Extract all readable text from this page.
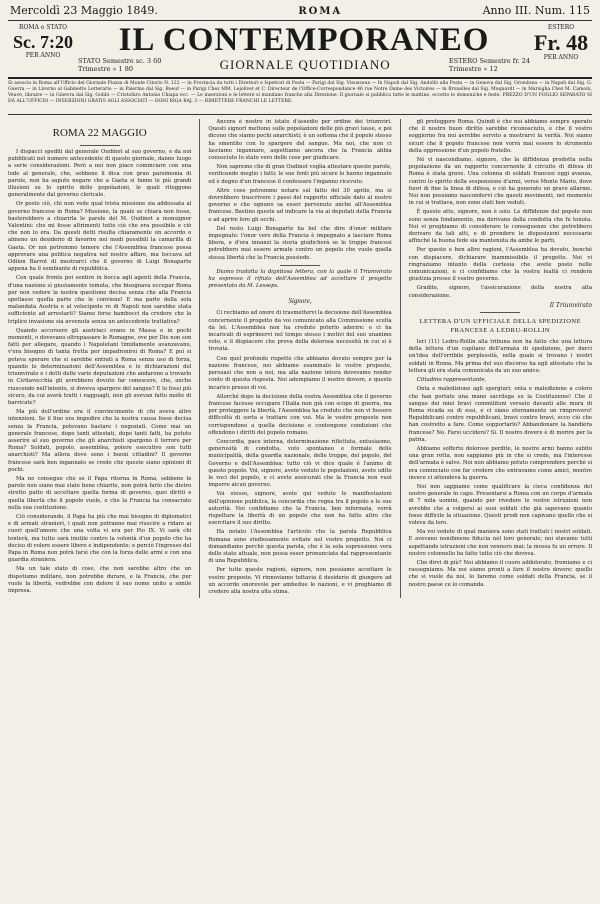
Mercoldì 23 Maggio 1849.	ROMA	Anno III. Num. 115
ROMA e STATO
Sc. 7:20
PER ANNO	IL CONTEMPORANEO
STATO Semestre sc. 3 60
Trimestre » 1 80	GIORNALE QUOTIDIANO	ESTERO Semestre fr. 24
Trimestre » 12
ESTERO
Fr. 48
PER ANNO
Si associa in Roma all'Ufficio del Giornale Piazza di Monte Citorio N. 122 — in Provincia da tutti i Direttori e Ispettori di Posta — Parigi dal Sig. Vieusseux — In Napoli dal Sig. Andolfo alla Posta — in Genova dal Sig. Grondona — in Napoli dal Sig. G. Guerra — in Livorno al Gabinetto Letterario — in Palermo dal Sig. Boeuf — in Parigi Chez MM. Lejolivet et C. Directeur de l'Office-Correspondance 46 rue Notre Dame des Victoires — in Bruxelles dal Sig. Muquardt — in Marsiglia Chez M. Camoin, Veuve, libraire — in Ginevra dal Sig. Gobbi — Cristofaro Antonio Chiapa ecc. — Le inserzioni e le lettere si mandano franche alla Direzione. Il giornale si pubblica tutte le mattine, eccetto le domeniche e feste. PREZZO D'UN FOGLIO SEPARATO SI DÀ ALL'UFFICIO — INSERZIONI GRATIS AGLI ASSOCIATI — OGNI RIGA BAJ. 3 — RIMETTERE FRANCHI LE LETTERE.
ROMA 22 MAGGIO

I dispacci spediti dal generale Oudinot al suo governo, e da noi pubblicati nel numero antecedente di questo giornale, danno luogo a serie considerazioni. Però a noi non piace cominciare con una lode al generale, che, sebbene il dica con gran parsimonia di parole, non ha saputo negare che a Gaeta si fanno le più grandi illusioni su lo spirito delle popolazioni, le quali riteggono generalmente dal governo clericale.

Or posto ciò, chi non vede qual trista missione sia addossata al governo francese in Roma? Missione, la quale se chiara non fosse, basterebbero a chiarirla le parole del M. Oudinot a monsignor Valentini: che mi fosse altrimenti tutto ciò che era possibile e ciò che non lo era. Da questi detti risulta chiaramente un accordo o almeno un desiderio di favorire nei modi possibili la camarilla di Gaeta. Or noi potremmo temere che l'Assemblea francese possa approvare una politica negativa nel nostro affare, ma toccava ad Odilon Barrot di mostrarci che il governo di Luigi Bonaparte appena ha il sembiante di repubblica.

Con quale fronte poi sentire in bocca agli agenti della Francia, d'una nazione sì giustamente temuta, che bisognava occupar Roma per non vedere la nostra questione decisa senza che alla Francia spettasse quella parte che le conviene! E ma parte della sola malandata Austria e al velocipede re di Napoli non sarebbe stata sufficiente ad arrestarli? Siamo forse bambocci da credere che la triplice invasione sia avvenuta senza un antecedente trattativa?

Quando accorsero gli austriaci erano in Massa e in pochi momenti, o dovevano oltrepassare le Romagne, ove per Dio non son fatti per allegare, quando i Napoletani timidamente avanzavano, v'era bisogno di tanta fretta per impadronirsi di Roma? E poi si poteva sperare che si sarebbe entrati a Roma senza uso di forza, quando le determinazioni dell'Assemblea e le dichiarazioni del triumvirato e i detti delle varie deputazioni che andarono a trovarlo in Civitavecchia gli avrebbero dovuto far conoscere, che, anche riuscendo nell'intento, si doveva spargere del sangue? E lo fossi più sicuro, da cui averà tratti i ragguagli, non gli avevan fatto molte di barricate?

Ma più dell'ordine era il convincimento di chi aveva altre intenzioni. Se il fine era impedire che la nostra causa fosse decisa senza la Francia, potevano bastare i negoziati. Come mai un generale francese, dopo tanti attestati, dopo tanti fatti, ha potuto asserire al suo governo che gli anarchisti spargono il terrore per Roma? Soldati, popolo, assemblea, potere esecutivo son tutti anarchisti? Ma allora dove sono i buoni cittadini? Il governo francese sarà ben ingannato se crede che queste siano opinioni di pochi.

Ma ne consegue che se il Papa ritorna in Roma, sebbene le parole non siano mai state bene chiarite, non potrà farlo che dietro stretto patto di accettare quella forma di governo, quei diritti e quella libertà che il popolo vuole, e che la Francia ha consacrato nella sua costituzione.

Ciò considerando, il Papa ha più che mai bisogno di diplomatici e di armati stranieri, i quali non potranno mai riuscire a ridare ai cuori quell'amore che una volta vi era per Pio IX. Vi sarà chi tenterà, ma tutto sarà inutile contro la volontà d'un popolo che ha deciso di volere essere libero e indipendente; e perciò l'ingresso del Papa in Roma non potrà farsi che con la forza delle armi e con una guardia straniera.

Ma un tale stato di cose, che non sarebbe altro che un dispotismo militare, non potrebbe durare, e la Francia, che pur vuole la libertà, vedrebbe con dolore il suo nome unito a simile impresa.

Ancora è nostro in istato d'assedio per ordine dei triumviri. Questi signori mettono sulle popolazioni delle più gravi tasse, e poi dicono che siamo pochi anarchisti; è un sofisma che il popolo stesso ha smentito con lo spargere del sangue. Ma noi, che non ci lasciamo ingannare, aspettiamo ancora che la Francia abbia conosciuto lo stato vero delle cose per giudicare.

Non sapremo che di gran Oudinot voglia attestare queste parole, verificando meglio i fatti: le sue fonti più sicure lo hanno ingannato ed è degno d'un francese il confessare l'inganno ricevuto.

Altre cose potremmo notare sul fatto del 30 aprile, ma si dovrebbero trascrivere i passi del rapporto ufficiale dato al nostro governo e che ognuno sa esser pervenuto anche all'Assemblea francese. Bastino queste ad indicare la via ai deputati della Francia e ad aprire loro gli occhi.

Del resto Luigi Bonaparte ha bel che dire d'onor militare impegnato: l'onor vero della Francia è impegnato a lasciare Roma libera, e d'ora innanzi la storia giudicherà se le truppe francesi potrebbero mai essere armate contro un popolo che vuole quella stessa libertà che la Francia possiede.

Diamo tradotta la dignitosa lettera, con la quale il Triumvirato ha espresso il rifiuto dell'Assemblea ad accettare il progetto presentato da M. Lesseps.

Signore,

Ci rechiamo ad onore di trasmettervi la decisione dell'Assemblea concernente il progetto da voi comunicato alla Commissione scelta da lei. L'Assemblea non ha creduto poterlo aderire: e ci ha incaricati di esprimervi nel tempo stesso i motivi del suo unanime voto, e il dispiacere che prova della dolorosa necessità in cui si è trovata.

Con quel profondo rispetto che abbiamo dovuto sempre per la nazione francese, noi abbiamo esaminato le vostre proposte, persuasi che non a noi, ma alla nazione intera dovevamo render conto di questa risposta. Noi adempiamo il nostro dovere, e questo incarico presso di voi.

Allorché dopo la decisione della vostra Assemblea che il governo francese facesse occupare l'Italia non già con scopo di guerra, ma per proteggere la libertà, l'Assemblea ha creduto che non vi fossero difficoltà di sorta a trattare con voi. Ma le vostre proposte non corrispondono a quella decisione e contengono condizioni che offendono i diritti del popolo romano.

Concordia, pace interna, determinazione riflettuta, entusiasmo, generosità di condotta, voto spontaneo e formale delle municipalità, della guardia nazionale, delle truppe, del popolo, del Governo e dell'Assemblea: tutto ciò vi dice quale è l'animo di questo popolo. Voi, signore, avete veduto le popolazioni, avete udito le voci del popolo, e ci avete assicurati che la Francia non vuol imporre alcun governo.

Voi stesso, signore, avete qui veduto le manifestazioni dell'opinione pubblica, la concordia che regna tra il popolo e le sue autorità. Noi confidiamo che la Francia, ben informata, vorrà rispettare la libertà di un popolo che non ha fatto altro che esercitare il suo diritto.

Ha notato l'Assemblea l'articolo che la parola Repubblica Romana sono studiosamente evitate nel vostro progetto. Noi ci domandiamo perchè questa parola, che è la sola espressione vera dello stato attuale, non possa esser pronunciata dal rappresentante di una Repubblica.

Per tutte queste ragioni, signore, non possiamo accettare le vostre proposte. Vi rinnoviamo tuttavia il desiderio di giungere ad un accordo onorevole per ambedue le nazioni, e vi preghiamo di credere alla nostra alta stima.

gli proteggere Roma. Quindi è che noi abbiamo sempre sperato che il nostro buon diritto sarebbe riconosciuto, e che il vostro soggiorno fra noi avrebbe servito a mostrarvi la verità. Noi siamo sicuri che il popolo francese non vorrà mai essere lo strumento della oppressione d'un popolo fratello.

Né vi nascondiamo, signore, che la diffidenza prodotta nella popolazione da un rapporto concernente il circuito di difesa di Roma è stata grave. Una colonna di soldati francesi oggi avanza, contro lo spirito della sospensione d'armi, verso Monte Mario, dove fuori di fine la linea di difesa, e ciò ha generato un grave allarme. Noi non possiamo nascondervi che questi movimenti, nel momento in cui si trattava, non sono stati ben veduti.

È questo atto, signore, non è solo. Le diffidenze del popolo non sono senza fondamento, ma derivano dalla condotta che fu tenuta. Noi vi preghiamo di considerare le conseguenze che potrebbero derivare da tali atti, e di prendere le disposizioni necessarie affinché la buona fede sia mantenuta da ambe le parti.

Per queste e ben altre ragioni, l'Assemblea ha dovuto, benchè con dispiacere, dichiarare inammissibile il progetto. Noi vi ringraziamo intanto della cortesia che avete posto nelle comunicazioni, e ci confidiamo che la vostra lealtà ci renderà giustizia presso il vostro governo.

Gradite, signore, l'assicurazione della nostra alta considerazione.

Il Triumvirato
LETTERA D'UN UFFICIALE DELLA SPEDIZIONE FRANCESE A LEDRU-ROLLIN

Ieri (11) Ledru-Rollin alla tribuna non ha fatto che una lettura della lettera d'un capitano dell'armata di spedizione, per darci un'idea dell'orribile perplessità, nella quale si trovano i nostri soldati in Roma. Ma prima del suo discorso ha egli attestato che la lettera gli era stata comunicata da un suo amico.

Cittadino rappresentante,

Onta e maledizione agli spergiuri; onta e maledizione a coloro che han portato una mano sacrilega su la Costituzione! Che il sangue dei miei bravi commilitoni versato davanti alle mura di Roma ricada su di essi, e ci siano eternamente un rimprovero! Repubblicani contro repubblicani, bravi contro bravi, ecco ciò che han costretto a fare. Come sopportarlo? Abbandonare la bandiera francese? No. Farsi uccidere? Sì. Il nostro dovere è di morire per la patria.

Abbiamo sofferto dolorose perdite, le nostre armi hanno subito una gran rotta, non sappiamo più in che si crede, ma l'interesse dell'armata è salvo. Noi non abbiamo potuto comprendere perchè si era cominciato con far credere che entravamo come amici, mentre invece ci attendeva la guerra.

Noi non sappiamo come qualificare la cieca confidenza del nostro generale in capo. Presentarsi a Roma con un corpo d'armata di 7 mila uomini, quando per rivedere le vostre istruzioni non avrebbe che a volgersi ai suoi soldati che già sapevano quanto fosse difficile la situazione. Questi prodi non capivano quello che si voleva da loro.

Ma voi vedete di qual maniera sono stati trattati i nostri soldati. E avevano nondimeno fiducia nel loro generale; noi stavamo tutti aspettando istruzioni che non vennero mai; la mossa fu un errore. Il nostro colonnello ha fatto tutto ciò che doveva.

Che dirvi di più? Noi abbiamo il cuore addolorato, fremiamo e ci rassegniamo. Ma noi siamo pronti a fare il nostro dovere; quello che si vuole da noi, lo faremo come soldati della Francia, se il nostro paese ce lo comanda.
